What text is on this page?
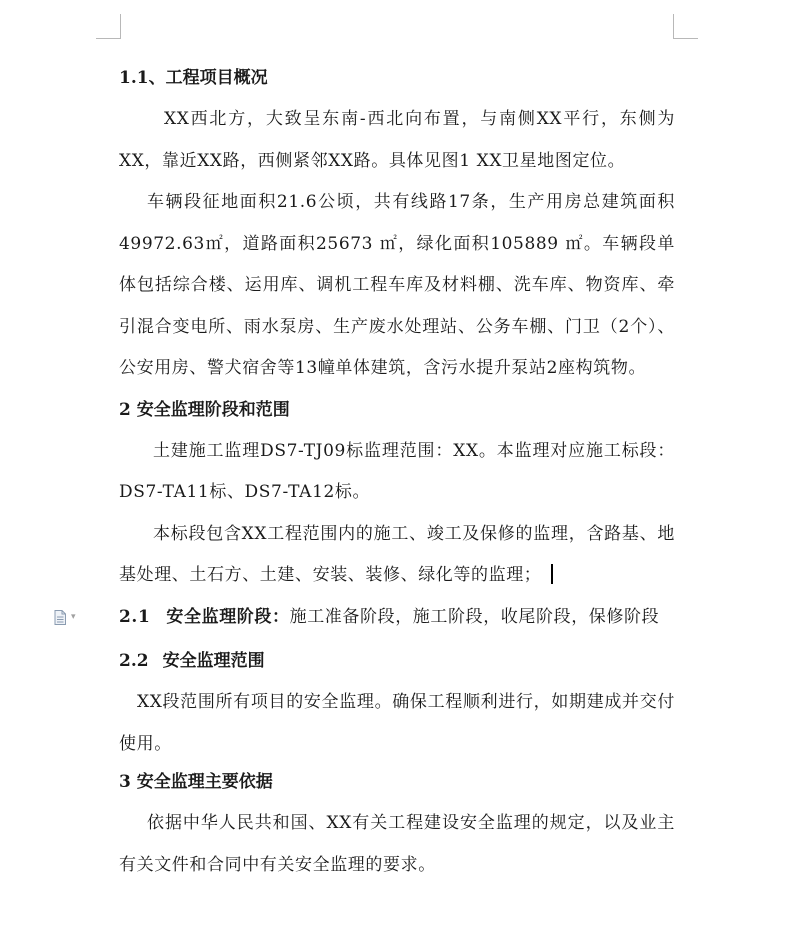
▾
1.1、工程项目概况

XX西北方，大致呈东南-西北向布置，与南侧XX平行，东侧为XX，靠近XX路，西侧紧邻XX路。具体见图1 XX卫星地图定位。

车辆段征地面积21.6公顷，共有线路17条，生产用房总建筑面积49972.63㎡，道路面积25673 ㎡，绿化面积105889 ㎡。车辆段单体包括综合楼、运用库、调机工程车库及材料棚、洗车库、物资库、牵引混合变电所、雨水泵房、生产废水处理站、公务车棚、门卫（2个）、公安用房、警犬宿舍等13幢单体建筑，含污水提升泵站2座构筑物。

2 安全监理阶段和范围

土建施工监理DS7-TJ09标监理范围：XX。本监理对应施工标段：DS7-TA11标、DS7-TA12标。

本标段包含XX工程范围内的施工、竣工及保修的监理，含路基、地基处理、土石方、土建、安装、装修、绿化等的监理；

2.1 安全监理阶段：施工准备阶段，施工阶段，收尾阶段，保修阶段

2.2 安全监理范围

XX段范围所有项目的安全监理。确保工程顺利进行，如期建成并交付使用。

3 安全监理主要依据

依据中华人民共和国、XX有关工程建设安全监理的规定，以及业主有关文件和合同中有关安全监理的要求。
